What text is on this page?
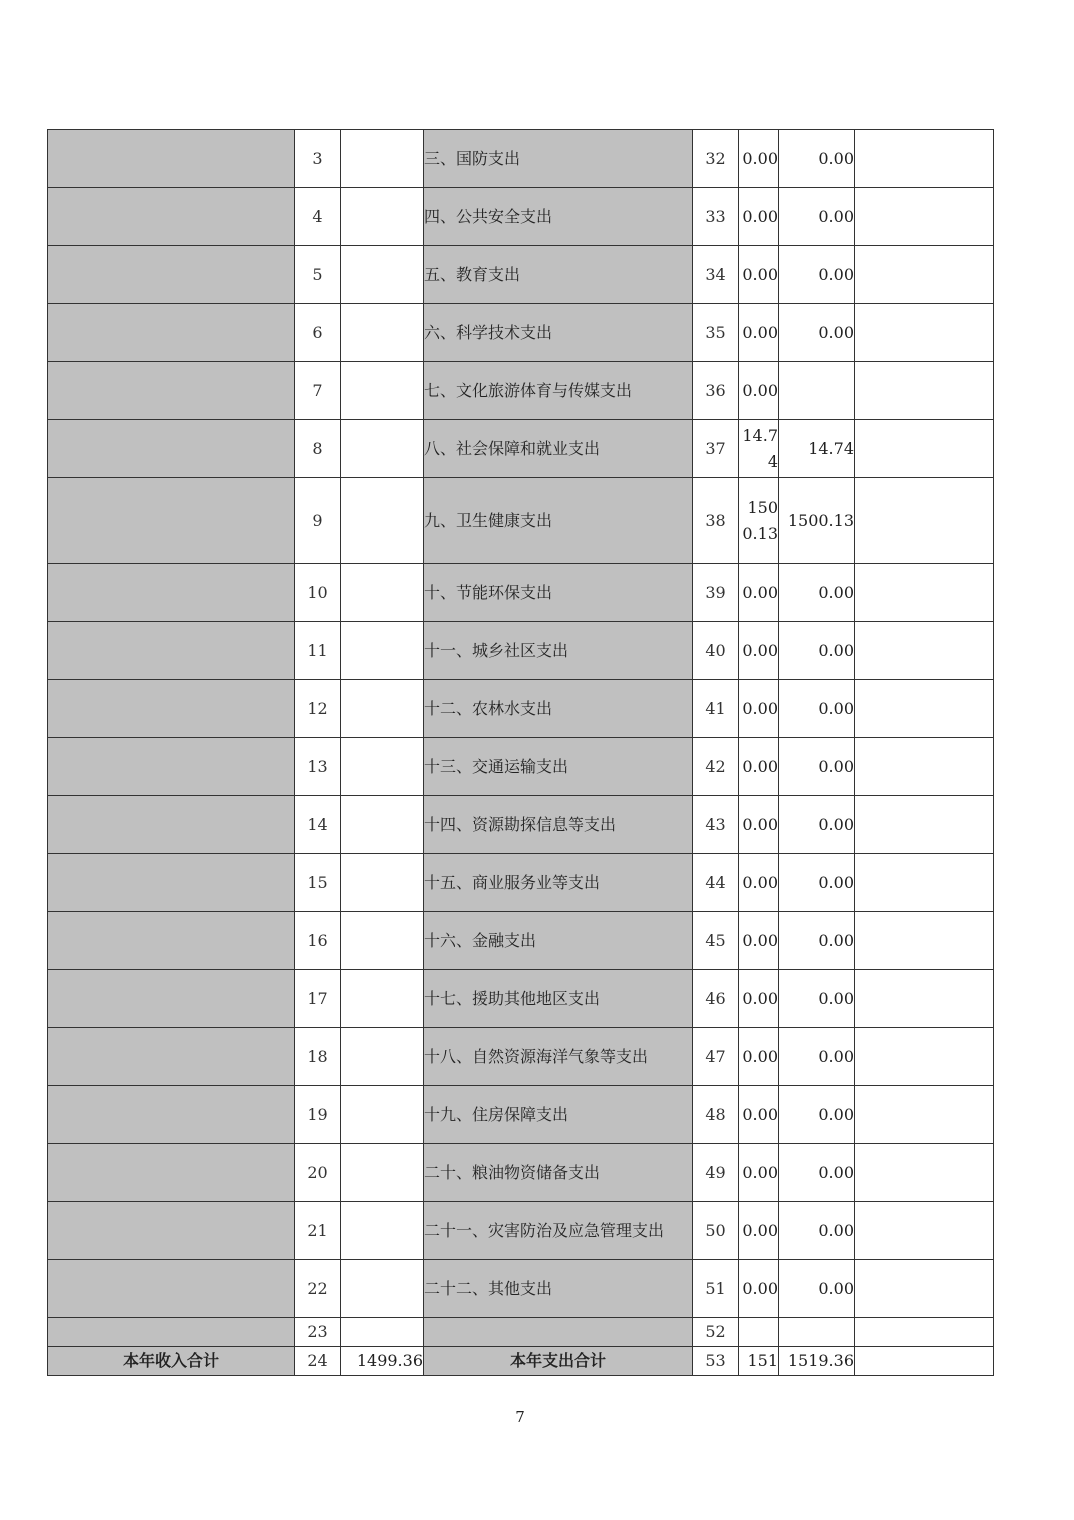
	3		三、国防支出	32	0.00	0.00	
	4		四、公共安全支出	33	0.00	0.00	
	5		五、教育支出	34	0.00	0.00	
	6		六、科学技术支出	35	0.00	0.00	
	7		七、文化旅游体育与传媒支出	36	0.00		
	8		八、社会保障和就业支出	37	14.74	14.74	
	9		九、卫生健康支出	38	1500.13	1500.13	
	10		十、节能环保支出	39	0.00	0.00	
	11		十一、城乡社区支出	40	0.00	0.00	
	12		十二、农林水支出	41	0.00	0.00	
	13		十三、交通运输支出	42	0.00	0.00	
	14		十四、资源勘探信息等支出	43	0.00	0.00	
	15		十五、商业服务业等支出	44	0.00	0.00	
	16		十六、金融支出	45	0.00	0.00	
	17		十七、援助其他地区支出	46	0.00	0.00	
	18		十八、自然资源海洋气象等支出	47	0.00	0.00	
	19		十九、住房保障支出	48	0.00	0.00	
	20		二十、粮油物资储备支出	49	0.00	0.00	
	21		二十一、灾害防治及应急管理支出	50	0.00	0.00	
	22		二十二、其他支出	51	0.00	0.00	
	23			52			
本年收入合计	24	1499.36	本年支出合计	53	151	1519.36	
7
